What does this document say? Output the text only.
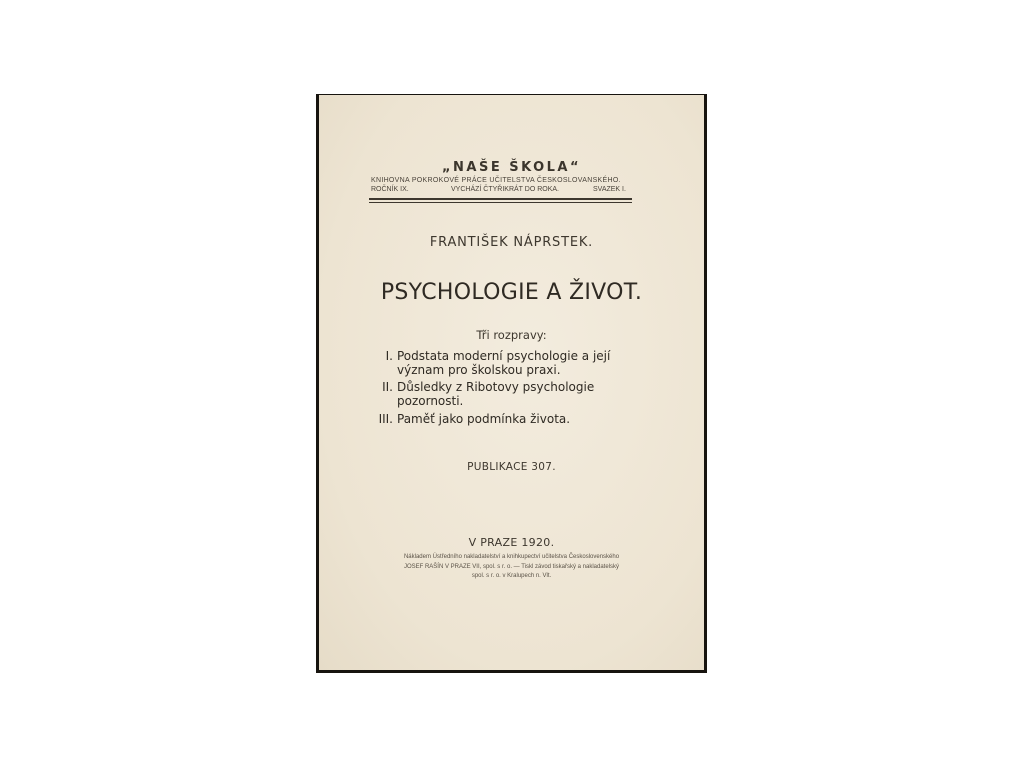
„NAŠE ŠKOLA“
KNIHOVNA POKROKOVÉ PRÁCE UČITELSTVA ČESKOSLOVANSKÉHO.
ROČNÍK IX.	VYCHÁZÍ ČTYŘIKRÁT DO ROKA.	SVAZEK I.
FRANTIŠEK NÁPRSTEK.
PSYCHOLOGIE A ŽIVOT.
Tři rozpravy:
I. Podstata moderní psychologie a její
význam pro školskou praxi.
II. Důsledky z Ribotovy psychologie
pozornosti.
III. Paměť jako podmínka života.
PUBLIKACE 307.
V PRAZE 1920.
Nákladem Ústředního nakladatelství a knihkupectví učitelstva Československého
JOSEF RAŠÍN V PRAZE VII, spol. s r. o. — Tiskl závod tiskařský a nakladatelský
spol. s r. o. v Kralupech n. Vlt.
